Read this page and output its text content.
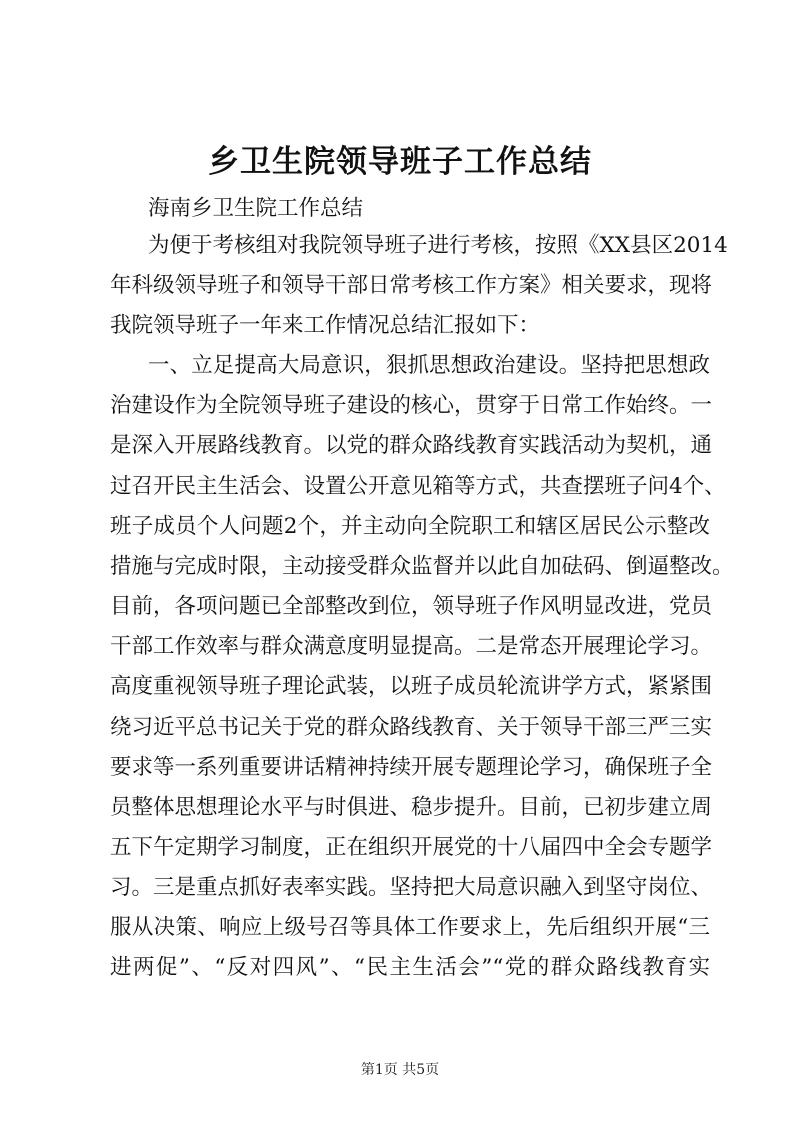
乡卫生院领导班子工作总结
海南乡卫生院工作总结
为便于考核组对我院领导班子进行考核，按照《XX县区2014
年科级领导班子和领导干部日常考核工作方案》相关要求，现将
我院领导班子一年来工作情况总结汇报如下：
一、立足提高大局意识，狠抓思想政治建设。坚持把思想政
治建设作为全院领导班子建设的核心，贯穿于日常工作始终。一
是深入开展路线教育。以党的群众路线教育实践活动为契机，通
过召开民主生活会、设置公开意见箱等方式，共查摆班子问4个、
班子成员个人问题2个，并主动向全院职工和辖区居民公示整改
措施与完成时限，主动接受群众监督并以此自加砝码、倒逼整改。
目前，各项问题已全部整改到位，领导班子作风明显改进，党员
干部工作效率与群众满意度明显提高。二是常态开展理论学习。
高度重视领导班子理论武装，以班子成员轮流讲学方式，紧紧围
绕习近平总书记关于党的群众路线教育、关于领导干部三严三实
要求等一系列重要讲话精神持续开展专题理论学习，确保班子全
员整体思想理论水平与时俱进、稳步提升。目前，已初步建立周
五下午定期学习制度，正在组织开展党的十八届四中全会专题学
习。三是重点抓好表率实践。坚持把大局意识融入到坚守岗位、
服从决策、响应上级号召等具体工作要求上，先后组织开展“三
进两促”、“反对四风”、“民主生活会”“党的群众路线教育实
第1页 共5页
